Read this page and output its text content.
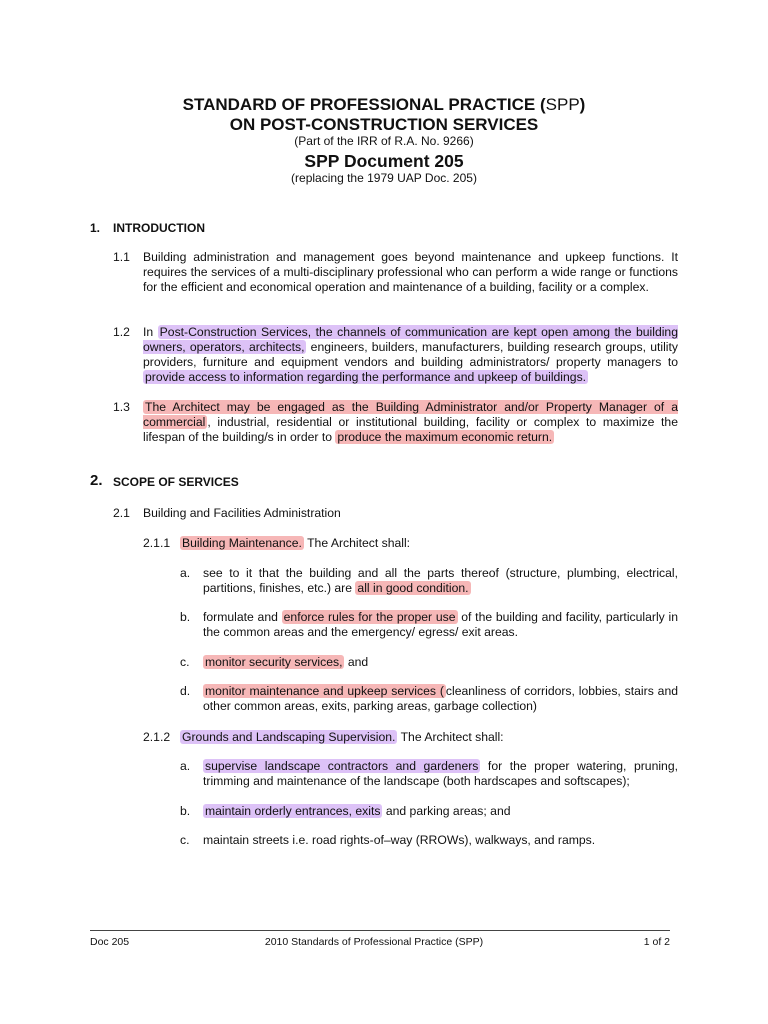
STANDARD OF PROFESSIONAL PRACTICE (SPP)
ON POST-CONSTRUCTION SERVICES
(Part of the IRR of R.A. No. 9266)
SPP Document 205
(replacing the 1979 UAP Doc. 205)
1. INTRODUCTION
1.1 Building administration and management goes beyond maintenance and upkeep functions. It requires the services of a multi-disciplinary professional who can perform a wide range or functions for the efficient and economical operation and maintenance of a building, facility or a complex.
1.2 In Post-Construction Services, the channels of communication are kept open among the building owners, operators, architects, engineers, builders, manufacturers, building research groups, utility providers, furniture and equipment vendors and building administrators/ property managers to provide access to information regarding the performance and upkeep of buildings.
1.3 The Architect may be engaged as the Building Administrator and/or Property Manager of a commercial , industrial, residential or institutional building, facility or complex to maximize the lifespan of the building/s in order to produce the maximum economic return.
2. SCOPE OF SERVICES
2.1 Building and Facilities Administration
2.1.1 Building Maintenance. The Architect shall:
a. see to it that the building and all the parts thereof (structure, plumbing, electrical, partitions, finishes, etc.) are all in good condition.
b. formulate and enforce rules for the proper use of the building and facility, particularly in the common areas and the emergency/ egress/ exit areas.
c. monitor security services, and
d. monitor maintenance and upkeep services ( cleanliness of corridors, lobbies, stairs and other common areas, exits, parking areas, garbage collection)
2.1.2 Grounds and Landscaping Supervision. The Architect shall:
a. supervise landscape contractors and gardeners for the proper watering, pruning, trimming and maintenance of the landscape (both hardscapes and softscapes);
b. maintain orderly entrances, exits and parking areas; and
c. maintain streets i.e. road rights-of–way (RROWs), walkways, and ramps.
Doc 205	2010 Standards of Professional Practice (SPP)	1 of 2
